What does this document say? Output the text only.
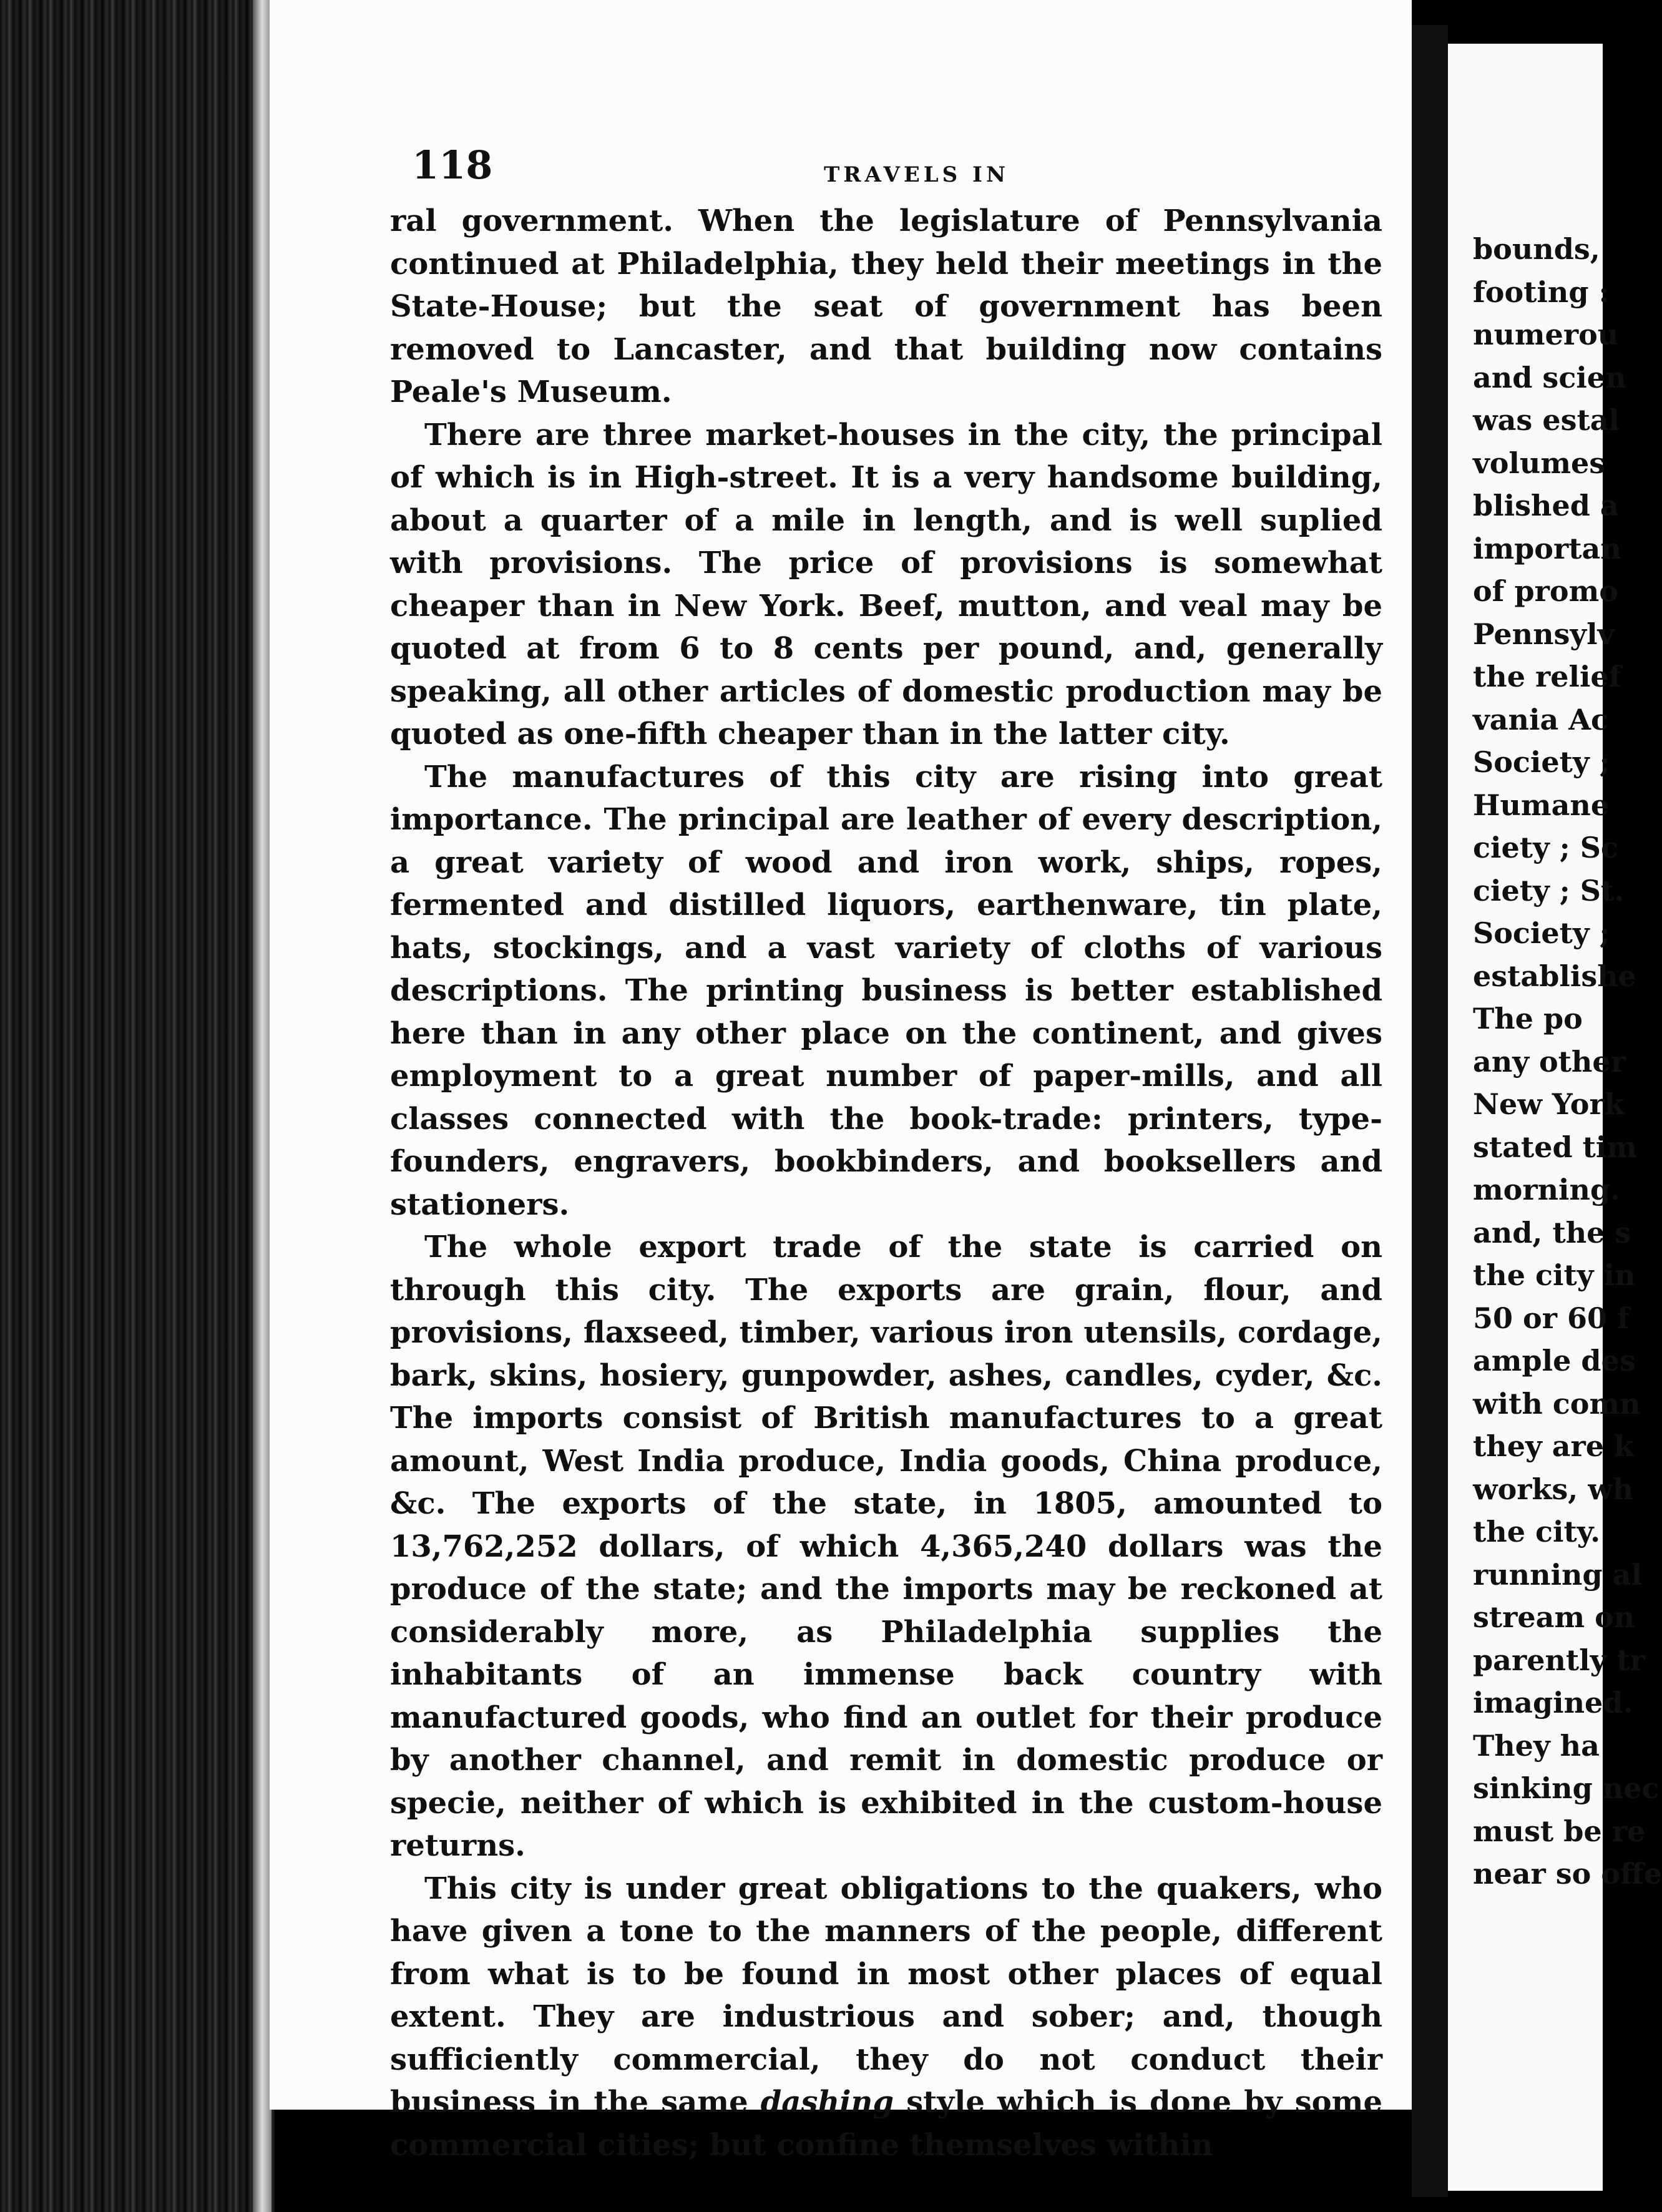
bounds,
footing :
numerou
and scien
was estal
volumes
blished a
importan
of promo
Pennsylv
the relief
vania Ac
Society ;
Humane
ciety ; Sc
ciety ; St.
Society ;
establishe
The po
any other
New York
stated tim
morning.
and, the s
the city in
50 or 60 f
ample des
with comn
they are k
works, wh
the city.
running al
stream on
parently tr
imagined.
They ha
sinking nec
must be re
near so offe
118	TRAVELS IN

ral government. When the legislature of Pennsylvania continued at Philadelphia, they held their meetings in the State-House; but the seat of government has been removed to Lancaster, and that building now contains Peale's Museum.

There are three market-houses in the city, the principal of which is in High-street. It is a very handsome building, about a quarter of a mile in length, and is well suplied with provisions. The price of provisions is somewhat cheaper than in New York. Beef, mutton, and veal may be quoted at from 6 to 8 cents per pound, and, generally speaking, all other articles of domestic production may be quoted as one-fifth cheaper than in the latter city.

The manufactures of this city are rising into great importance. The principal are leather of every description, a great variety of wood and iron work, ships, ropes, fermented and distilled liquors, earthenware, tin plate, hats, stockings, and a vast variety of cloths of various descriptions. The printing business is better established here than in any other place on the continent, and gives employment to a great number of paper-mills, and all classes connected with the book-trade: printers, type-founders, engravers, bookbinders, and booksellers and stationers.

The whole export trade of the state is carried on through this city. The exports are grain, flour, and provisions, flaxseed, timber, various iron utensils, cordage, bark, skins, hosiery, gunpowder, ashes, candles, cyder, &c. The imports consist of British manufactures to a great amount, West India produce, India goods, China produce, &c. The exports of the state, in 1805, amounted to 13,762,252 dollars, of which 4,365,240 dollars was the produce of the state; and the imports may be reckoned at considerably more, as Philadelphia supplies the inhabitants of an immense back country with manufactured goods, who find an outlet for their produce by another channel, and remit in domestic produce or specie, neither of which is exhibited in the custom-house returns.

This city is under great obligations to the quakers, who have given a tone to the manners of the people, different from what is to be found in most other places of equal extent. They are industrious and sober; and, though sufficiently commercial, they do not conduct their business in the same dashing style which is done by some commercial cities; but confine themselves within
